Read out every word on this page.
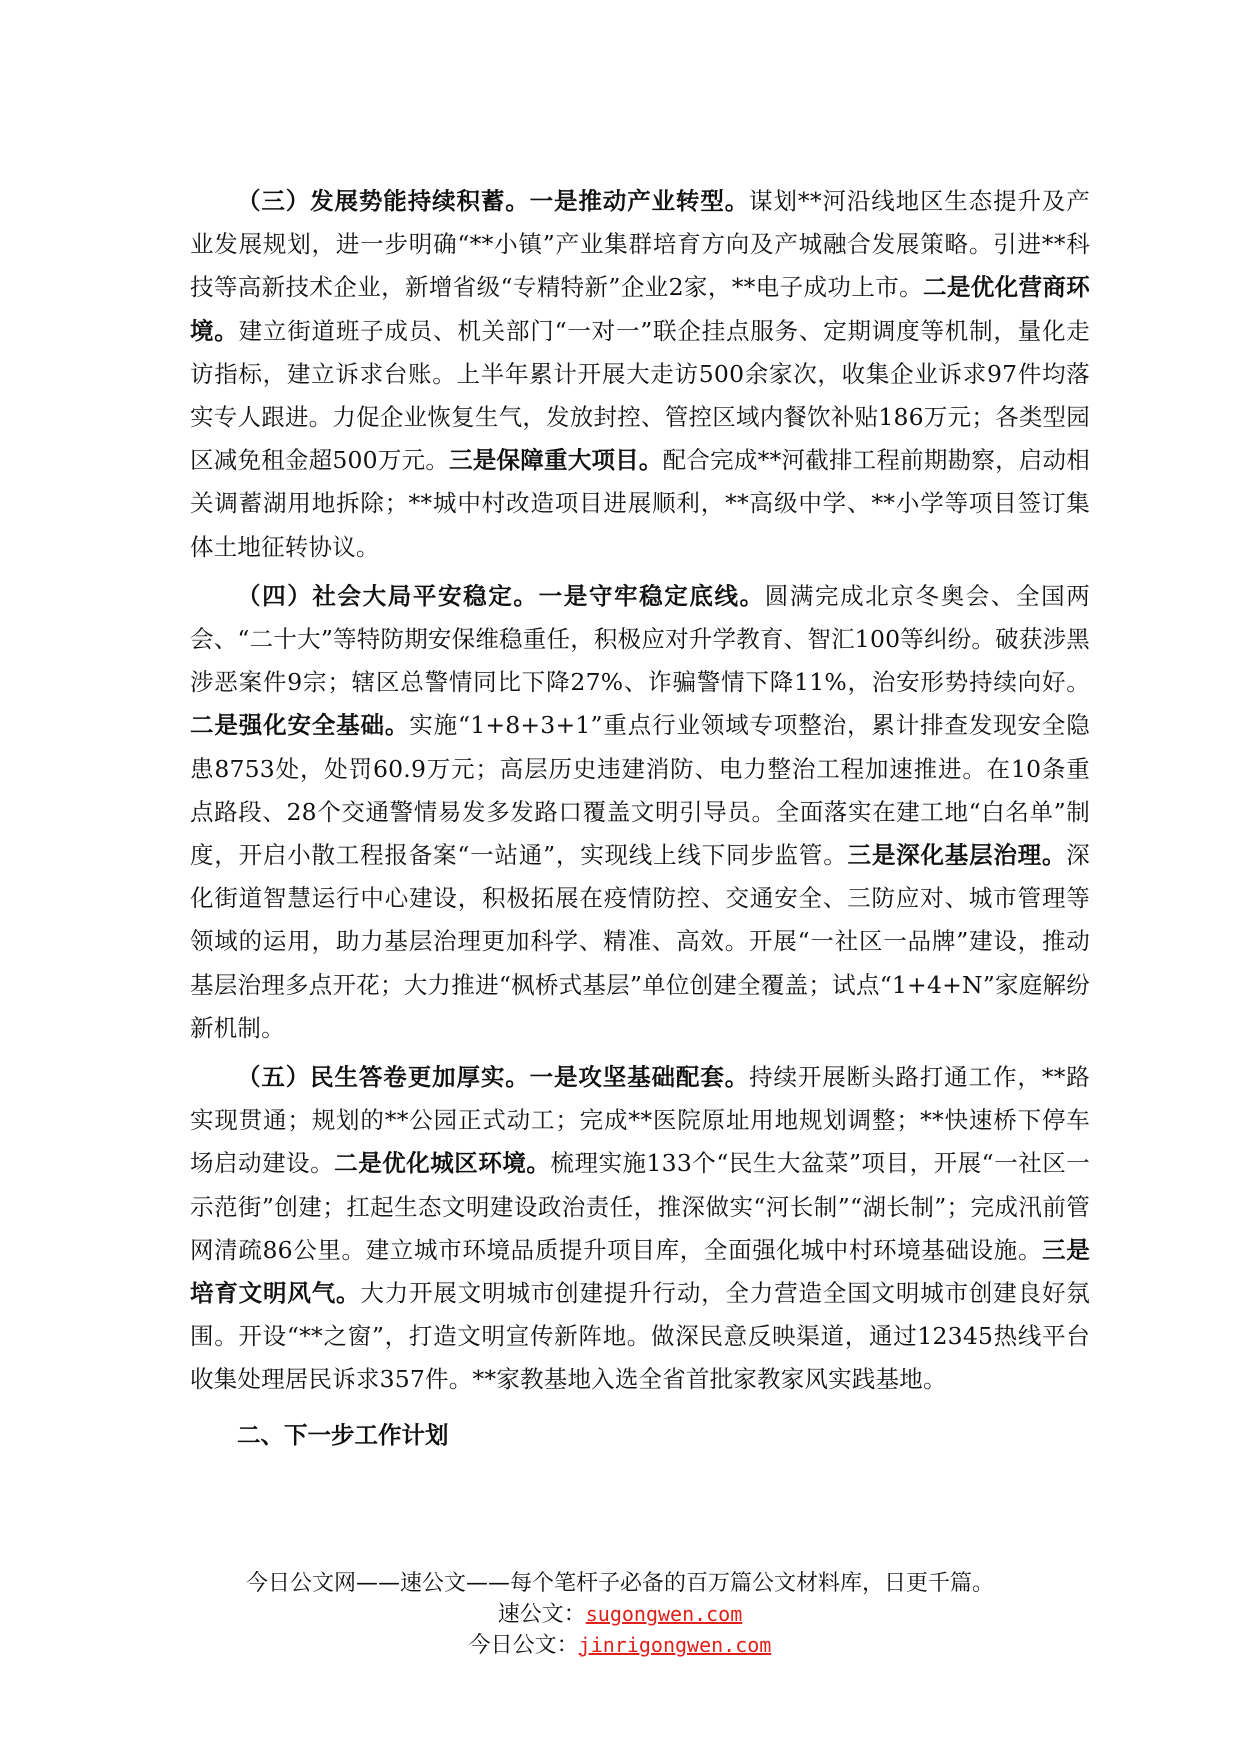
（三）发展势能持续积蓄。一是推动产业转型。谋划**河沿线地区生态提升及产业发展规划，进一步明确“**小镇”产业集群培育方向及产城融合发展策略。引进**科技等高新技术企业，新增省级“专精特新”企业2家，**电子成功上市。二是优化营商环境。建立街道班子成员、机关部门“一对一”联企挂点服务、定期调度等机制，量化走访指标，建立诉求台账。上半年累计开展大走访500余家次，收集企业诉求97件均落实专人跟进。力促企业恢复生气，发放封控、管控区域内餐饮补贴186万元；各类型园区减免租金超500万元。三是保障重大项目。配合完成**河截排工程前期勘察，启动相关调蓄湖用地拆除；**城中村改造项目进展顺利，**高级中学、**小学等项目签订集体土地征转协议。

（四）社会大局平安稳定。一是守牢稳定底线。圆满完成北京冬奥会、全国两会、“二十大”等特防期安保维稳重任，积极应对升学教育、智汇100等纠纷。破获涉黑涉恶案件9宗；辖区总警情同比下降27%、诈骗警情下降11%，治安形势持续向好。二是强化安全基础。实施“1+8+3+1”重点行业领域专项整治，累计排查发现安全隐患8753处，处罚60.9万元；高层历史违建消防、电力整治工程加速推进。在10条重点路段、28个交通警情易发多发路口覆盖文明引导员。全面落实在建工地“白名单”制度，开启小散工程报备案“一站通”，实现线上线下同步监管。三是深化基层治理。深化街道智慧运行中心建设，积极拓展在疫情防控、交通安全、三防应对、城市管理等领域的运用，助力基层治理更加科学、精准、高效。开展“一社区一品牌”建设，推动基层治理多点开花；大力推进“枫桥式基层”单位创建全覆盖；试点“1+4+N”家庭解纷新机制。

（五）民生答卷更加厚实。一是攻坚基础配套。持续开展断头路打通工作，**路实现贯通；规划的**公园正式动工；完成**医院原址用地规划调整；**快速桥下停车场启动建设。二是优化城区环境。梳理实施133个“民生大盆菜”项目，开展“一社区一示范街”创建；扛起生态文明建设政治责任，推深做实“河长制”“湖长制”；完成汛前管网清疏86公里。建立城市环境品质提升项目库，全面强化城中村环境基础设施。三是培育文明风气。大力开展文明城市创建提升行动，全力营造全国文明城市创建良好氛围。开设“**之窗”，打造文明宣传新阵地。做深民意反映渠道，通过12345热线平台收集处理居民诉求357件。**家教基地入选全省首批家教家风实践基地。

二、下一步工作计划

今日公文网——速公文——每个笔杆子必备的百万篇公文材料库，日更千篇。
速公文：sugongwen.com
今日公文：jinrigongwen.com
